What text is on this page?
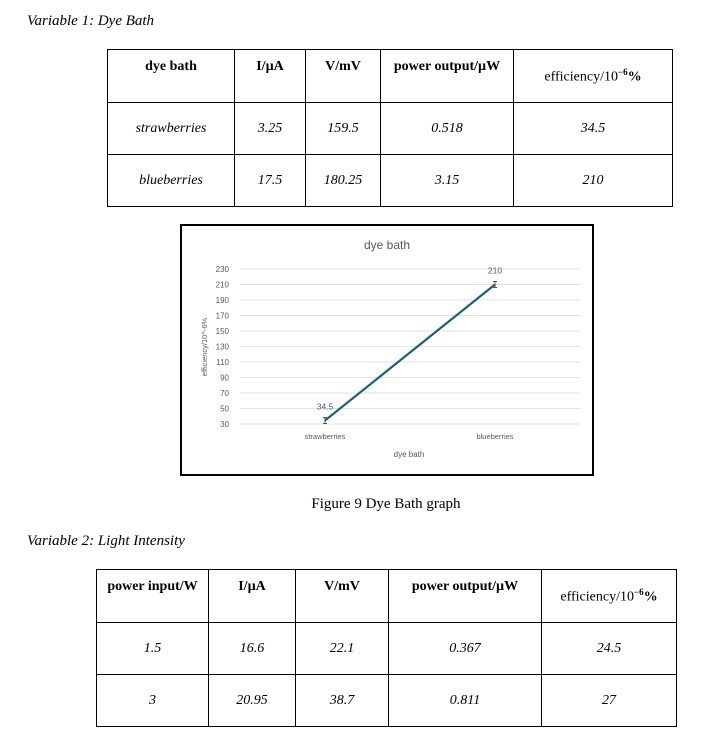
Variable 1: Dye Bath
dye bath	I/µA	V/mV	power output/µW	efficiency/$10^{-6}\%$
strawberries	3.25	159.5	0.518	34.5
blueberries	17.5	180.25	3.15	210
dye bath
230
210
190
170
150
130
110
90
70
50
30
strawberries	blueberries
34.5
210
dye bath
efficiency/10^-6%
Figure 9 Dye Bath graph
Variable 2: Light Intensity
power input/W	I/µA	V/mV	power output/µW	efficiency/$10^{-6}\%$
1.5	16.6	22.1	0.367	24.5
3	20.95	38.7	0.811	27
